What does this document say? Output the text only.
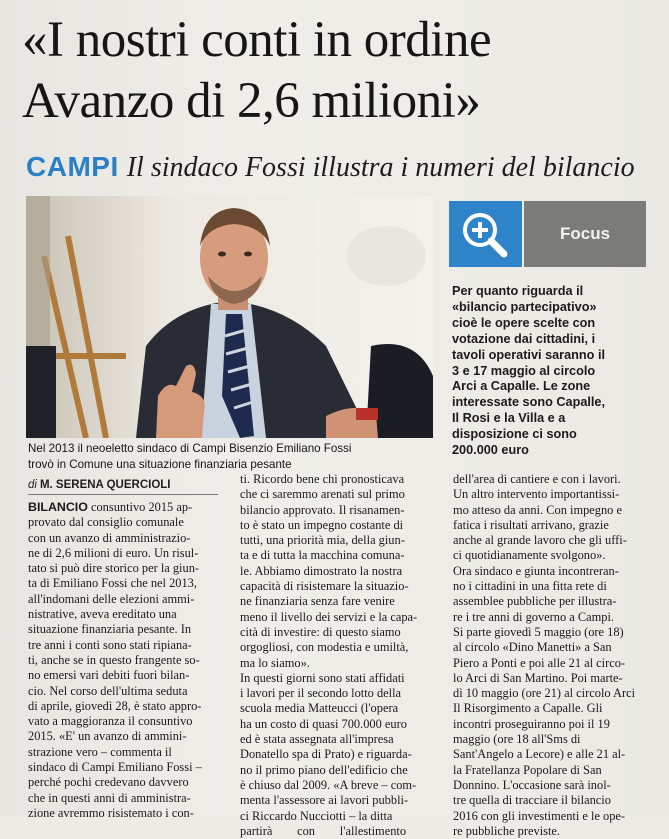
«I nostri conti in ordine
Avanzo di 2,6 milioni»
CAMPI Il sindaco Fossi illustra i numeri del bilancio
Nel 2013 il neoeletto sindaco di Campi Bisenzio Emiliano Fossi
trovò in Comune una situazione finanziaria pesante
Focus
Per quanto riguarda il
«bilancio partecipativo»
cioè le opere scelte con
votazione dai cittadini, i
tavoli operativi saranno il
3 e 17 maggio al circolo
Arci a Capalle. Le zone
interessate sono Capalle,
Il Rosi e la Villa e a
disposizione ci sono
200.000 euro
di M. SERENA QUERCIOLI
BILANCIO consuntivo 2015 ap-
provato dal consiglio comunale
con un avanzo di amministrazio-
ne di 2,6 milioni di euro. Un risul-
tato si può dire storico per la giun-
ta di Emiliano Fossi che nel 2013,
all'indomani delle elezioni ammi-
nistrative, aveva ereditato una
situazione finanziaria pesante. In
tre anni i conti sono stati ripiana-
ti, anche se in questo frangente so-
no emersi vari debiti fuori bilan-
cio. Nel corso dell'ultima seduta
di aprile, giovedì 28, è stato appro-
vato a maggioranza il consuntivo
2015. «E' un avanzo di ammini-
strazione vero – commenta il
sindaco di Campi Emiliano Fossi –
perché pochi credevano davvero
che in questi anni di amministra-
zione avremmo risistemato i con-
ti. Ricordo bene chi pronosticava
che ci saremmo arenati sul primo
bilancio approvato. Il risanamen-
to è stato un impegno costante di
tutti, una priorità mia, della giun-
ta e di tutta la macchina comuna-
le. Abbiamo dimostrato la nostra
capacità di risistemare la situazio-
ne finanziaria senza fare venire
meno il livello dei servizi e la capa-
cità di investire: di questo siamo
orgogliosi, con modestia e umiltà,
ma lo siamo».
In questi giorni sono stati affidati
i lavori per il secondo lotto della
scuola media Matteucci (l'opera
ha un costo di quasi 700.000 euro
ed è stata assegnata all'impresa
Donatello spa di Prato) e riguarda-
no il primo piano dell'edificio che
è chiuso dal 2009. «A breve – com-
menta l'assessore ai lavori pubbli-
ci Riccardo Nucciotti – la ditta
partirà        con        l'allestimento
dell'area di cantiere e con i lavori.
Un altro intervento importantissi-
mo atteso da anni. Con impegno e
fatica i risultati arrivano, grazie
anche al grande lavoro che gli uffi-
ci quotidianamente svolgono».
Ora sindaco e giunta incontreran-
no i cittadini in una fitta rete di
assemblee pubbliche per illustra-
re i tre anni di governo a Campi.
Si parte giovedì 5 maggio (ore 18)
al circolo «Dino Manetti» a San
Piero a Ponti e poi alle 21 al circo-
lo Arci di San Martino. Poi marte-
dì 10 maggio (ore 21) al circolo Arci
Il Risorgimento a Capalle. Gli
incontri proseguiranno poi il 19
maggio (ore 18 all'Sms di
Sant'Angelo a Lecore) e alle 21 al-
la Fratellanza Popolare di San
Donnino. L'occasione sarà inol-
tre quella di tracciare il bilancio
2016 con gli investimenti e le ope-
re pubbliche previste.
